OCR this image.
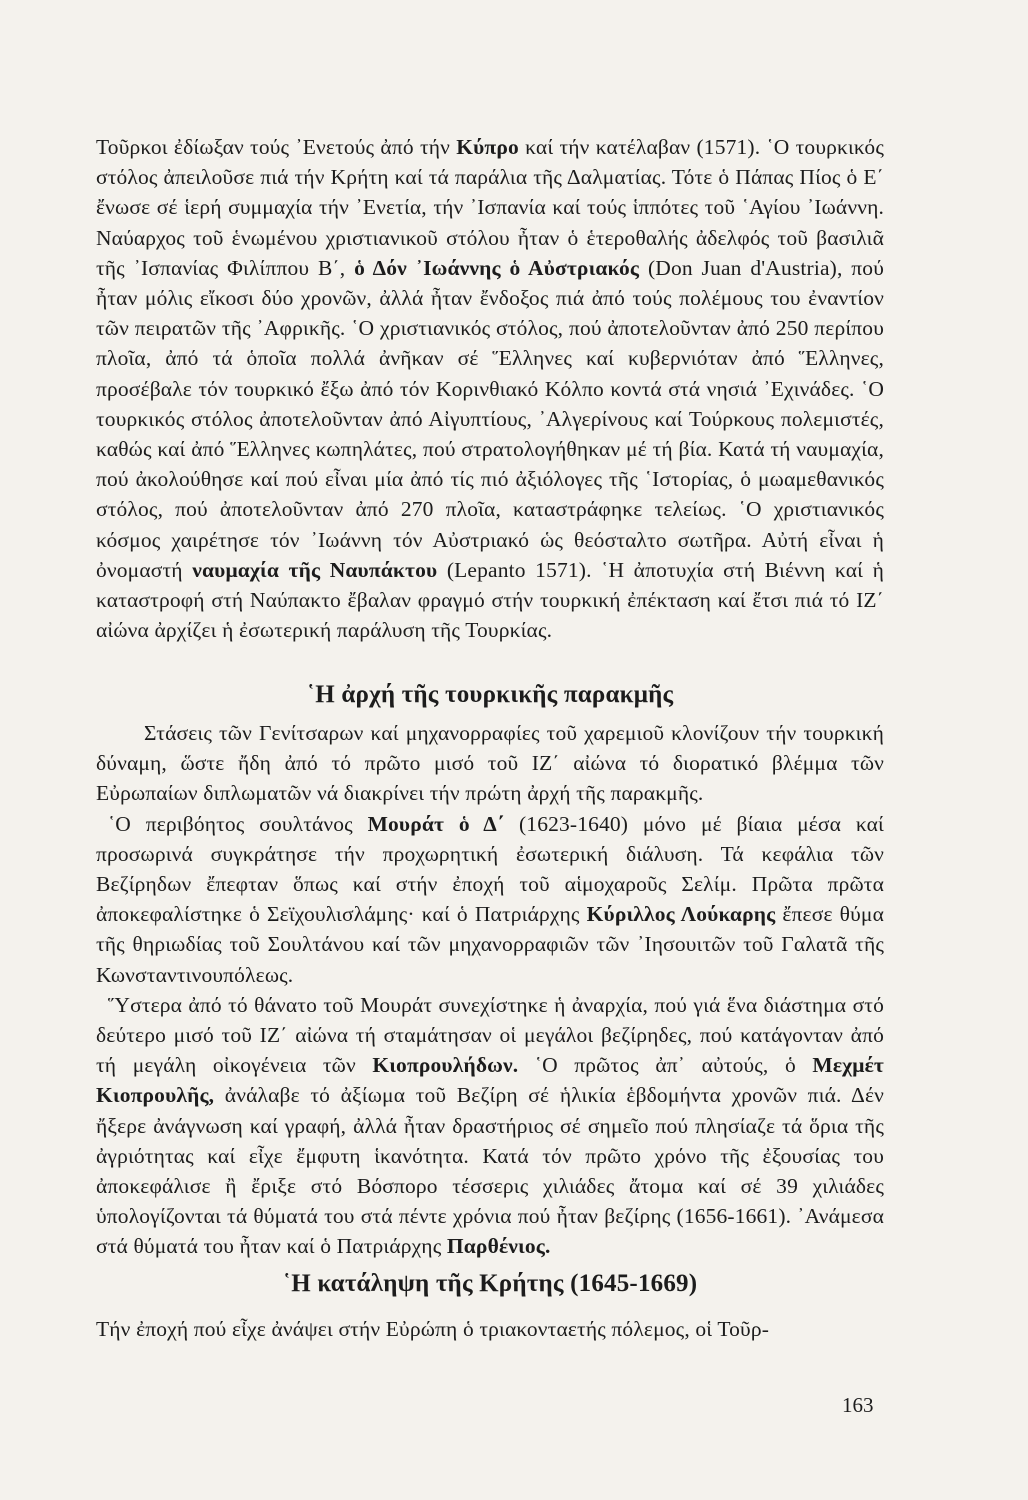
Τοῦρκοι ἐδίωξαν τούς ᾿Ενετούς ἀπό τήν Κύπρο καί τήν κατέλαβαν (1571). ῾Ο τουρκικός στόλος ἀπειλοῦσε πιά τήν Κρήτη καί τά παράλια τῆς Δαλματίας. Τότε ὁ Πάπας Πίος ὁ Ε΄ ἔνωσε σέ ἱερή συμμαχία τήν ᾿Ενετία, τήν ᾿Ισπανία καί τούς ἱππότες τοῦ ῾Αγίου ᾿Ιωάννη. Ναύαρχος τοῦ ἑνωμένου χριστιανικοῦ στόλου ἦταν ὁ ἑτεροθαλής ἀδελφός τοῦ βασιλιᾶ τῆς ᾿Ισπανίας Φιλίππου Β΄, ὁ Δόν ᾿Ιωάννης ὁ Αὐστριακός (Don Juan d'Austria), πού ἦταν μόλις εἴκοσι δύο χρονῶν, ἀλλά ἦταν ἔνδοξος πιά ἀπό τούς πολέμους του ἐναντίον τῶν πειρατῶν τῆς ᾿Αφρικῆς. ῾Ο χριστιανικός στόλος, πού ἀποτελοῦνταν ἀπό 250 περίπου πλοῖα, ἀπό τά ὁποῖα πολλά ἀνῆκαν σέ Ἕλληνες καί κυβερνιόταν ἀπό Ἕλληνες, προσέβαλε τόν τουρκικό ἔξω ἀπό τόν Κορινθιακό Κόλπο κοντά στά νησιά ᾿Εχινάδες. ῾Ο τουρκικός στόλος ἀποτελοῦνταν ἀπό Αἰγυπτίους, ᾿Αλγερίνους καί Τούρκους πολεμιστές, καθώς καί ἀπό Ἕλληνες κωπηλάτες, πού στρατολογήθηκαν μέ τή βία. Κατά τή ναυμαχία, πού ἀκολούθησε καί πού εἶναι μία ἀπό τίς πιό ἀξιόλογες τῆς ῾Ιστορίας, ὁ μωαμεθανικός στόλος, πού ἀποτελοῦνταν ἀπό 270 πλοῖα, καταστράφηκε τελείως. ῾Ο χριστιανικός κόσμος χαιρέτησε τόν ᾿Ιωάννη τόν Αὐστριακό ὡς θεόσταλτο σωτῆρα. Αὐτή εἶναι ἡ ὀνομαστή ναυμαχία τῆς Ναυπάκτου (Lepanto 1571). ῾Η ἀποτυχία στή Βιέννη καί ἡ καταστροφή στή Ναύπακτο ἔβαλαν φραγμό στήν τουρκική ἐπέκταση καί ἔτσι πιά τό ΙΖ΄ αἰώνα ἀρχίζει ἡ ἐσωτερική παράλυση τῆς Τουρκίας.

῾Η ἀρχή τῆς τουρκικῆς παρακμῆς

Στάσεις τῶν Γενίτσαρων καί μηχανορραφίες τοῦ χαρεμιοῦ κλονίζουν τήν τουρκική δύναμη, ὥστε ἤδη ἀπό τό πρῶτο μισό τοῦ ΙΖ΄ αἰώνα τό διορατικό βλέμμα τῶν Εὐρωπαίων διπλωματῶν νά διακρίνει τήν πρώτη ἀρχή τῆς παρακμῆς.

῾Ο περιβόητος σουλτάνος Μουράτ ὁ Δ΄ (1623-1640) μόνο μέ βίαια μέσα καί προσωρινά συγκράτησε τήν προχωρητική ἐσωτερική διάλυση. Τά κεφάλια τῶν Βεζίρηδων ἔπεφταν ὅπως καί στήν ἐποχή τοῦ αἱμοχαροῦς Σελίμ. Πρῶτα πρῶτα ἀποκεφαλίστηκε ὁ Σεϊχουλισλάμης· καί ὁ Πατριάρχης Κύριλλος Λούκαρης ἔπεσε θύμα τῆς θηριωδίας τοῦ Σουλτάνου καί τῶν μηχανορραφιῶν τῶν ᾿Ιησουιτῶν τοῦ Γαλατᾶ τῆς Κωνσταντινουπόλεως.

Ὕστερα ἀπό τό θάνατο τοῦ Μουράτ συνεχίστηκε ἡ ἀναρχία, πού γιά ἕνα διάστημα στό δεύτερο μισό τοῦ ΙΖ΄ αἰώνα τή σταμάτησαν οἱ μεγάλοι βεζίρηδες, πού κατάγονταν ἀπό τή μεγάλη οἰκογένεια τῶν Κιοπρουλήδων. ῾Ο πρῶτος ἀπ᾿ αὐτούς, ὁ Μεχμέτ Κιοπρουλῆς, ἀνάλαβε τό ἀξίωμα τοῦ Βεζίρη σέ ἡλικία ἑβδομήντα χρονῶν πιά. Δέν ἤξερε ἀνάγνωση καί γραφή, ἀλλά ἦταν δραστήριος σέ σημεῖο πού πλησίαζε τά ὅρια τῆς ἀγριότητας καί εἶχε ἔμφυτη ἱκανότητα. Κατά τόν πρῶτο χρόνο τῆς ἐξουσίας του ἀποκεφάλισε ἢ ἔριξε στό Βόσπορο τέσσερις χιλιάδες ἄτομα καί σέ 39 χιλιάδες ὑπολογίζονται τά θύματά του στά πέντε χρόνια πού ἦταν βεζίρης (1656-1661). ᾿Ανάμεσα στά θύματά του ἦταν καί ὁ Πατριάρχης Παρθένιος.

῾Η κατάληψη τῆς Κρήτης (1645-1669)

Τήν ἐποχή πού εἶχε ἀνάψει στήν Εὐρώπη ὁ τριακονταετής πόλεμος, οἱ Τοῦρ-

163
